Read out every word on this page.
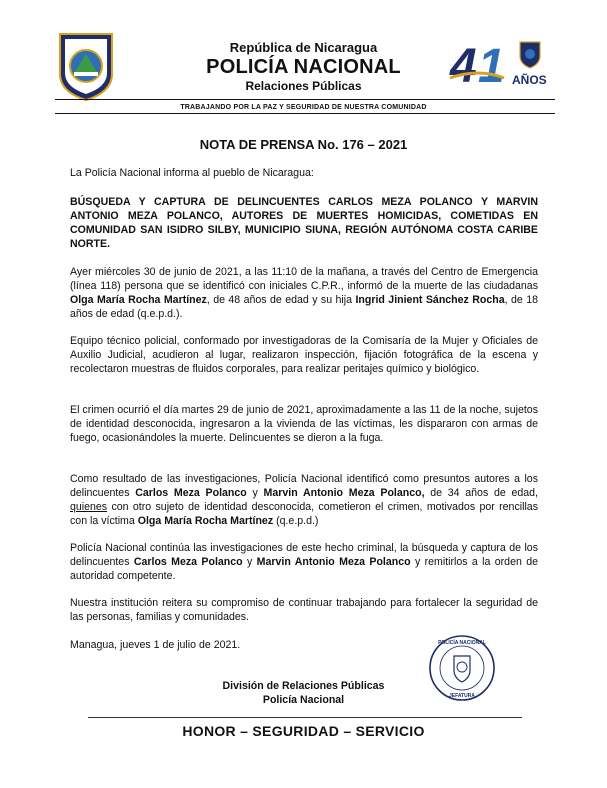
República de Nicaragua
POLICÍA NACIONAL
Relaciones Públicas	4 1 AÑOS
TRABAJANDO POR LA PAZ Y SEGURIDAD DE NUESTRA COMUNIDAD
NOTA DE PRENSA No. 176 – 2021
La Policía Nacional informa al pueblo de Nicaragua:
BÚSQUEDA Y CAPTURA DE DELINCUENTES CARLOS MEZA POLANCO Y MARVIN ANTONIO MEZA POLANCO, AUTORES DE MUERTES HOMICIDAS, COMETIDAS EN COMUNIDAD SAN ISIDRO SILBY, MUNICIPIO SIUNA, REGIÓN AUTÓNOMA COSTA CARIBE NORTE.
Ayer miércoles 30 de junio de 2021, a las 11:10 de la mañana, a través del Centro de Emergencia (línea 118) persona que se identificó con iniciales C.P.R., informó de la muerte de las ciudadanas Olga María Rocha Martínez, de 48 años de edad y su hija Ingrid Jinient Sánchez Rocha, de 18 años de edad (q.e.p.d.).
Equipo técnico policial, conformado por investigadoras de la Comisaría de la Mujer y Oficiales de Auxilio Judicial, acudieron al lugar, realizaron inspección, fijación fotográfica de la escena y recolectaron muestras de fluidos corporales, para realizar peritajes químico y biológico.
El crimen ocurrió el día martes 29 de junio de 2021, aproximadamente a las 11 de la noche, sujetos de identidad desconocida, ingresaron a la vivienda de las víctimas, les dispararon con armas de fuego, ocasionándoles la muerte. Delincuentes se dieron a la fuga.
Como resultado de las investigaciones, Policía Nacional identificó como presuntos autores a los delincuentes Carlos Meza Polanco y Marvin Antonio Meza Polanco, de 34 años de edad, quienes con otro sujeto de identidad desconocida, cometieron el crimen, motivados por rencillas con la víctima Olga María Rocha Martínez (q.e.p.d.)
Policía Nacional continúa las investigaciones de este hecho criminal, la búsqueda y captura de los delincuentes Carlos Meza Polanco y Marvin Antonio Meza Polanco y remitirlos a la orden de autoridad competente.
Nuestra institución reitera su compromiso de continuar trabajando para fortalecer la seguridad de las personas, familias y comunidades.
Managua, jueves 1 de julio de 2021.
División de Relaciones Públicas
Policía Nacional
POLICÍA NACIONAL
JEFATURA
HONOR – SEGURIDAD – SERVICIO
